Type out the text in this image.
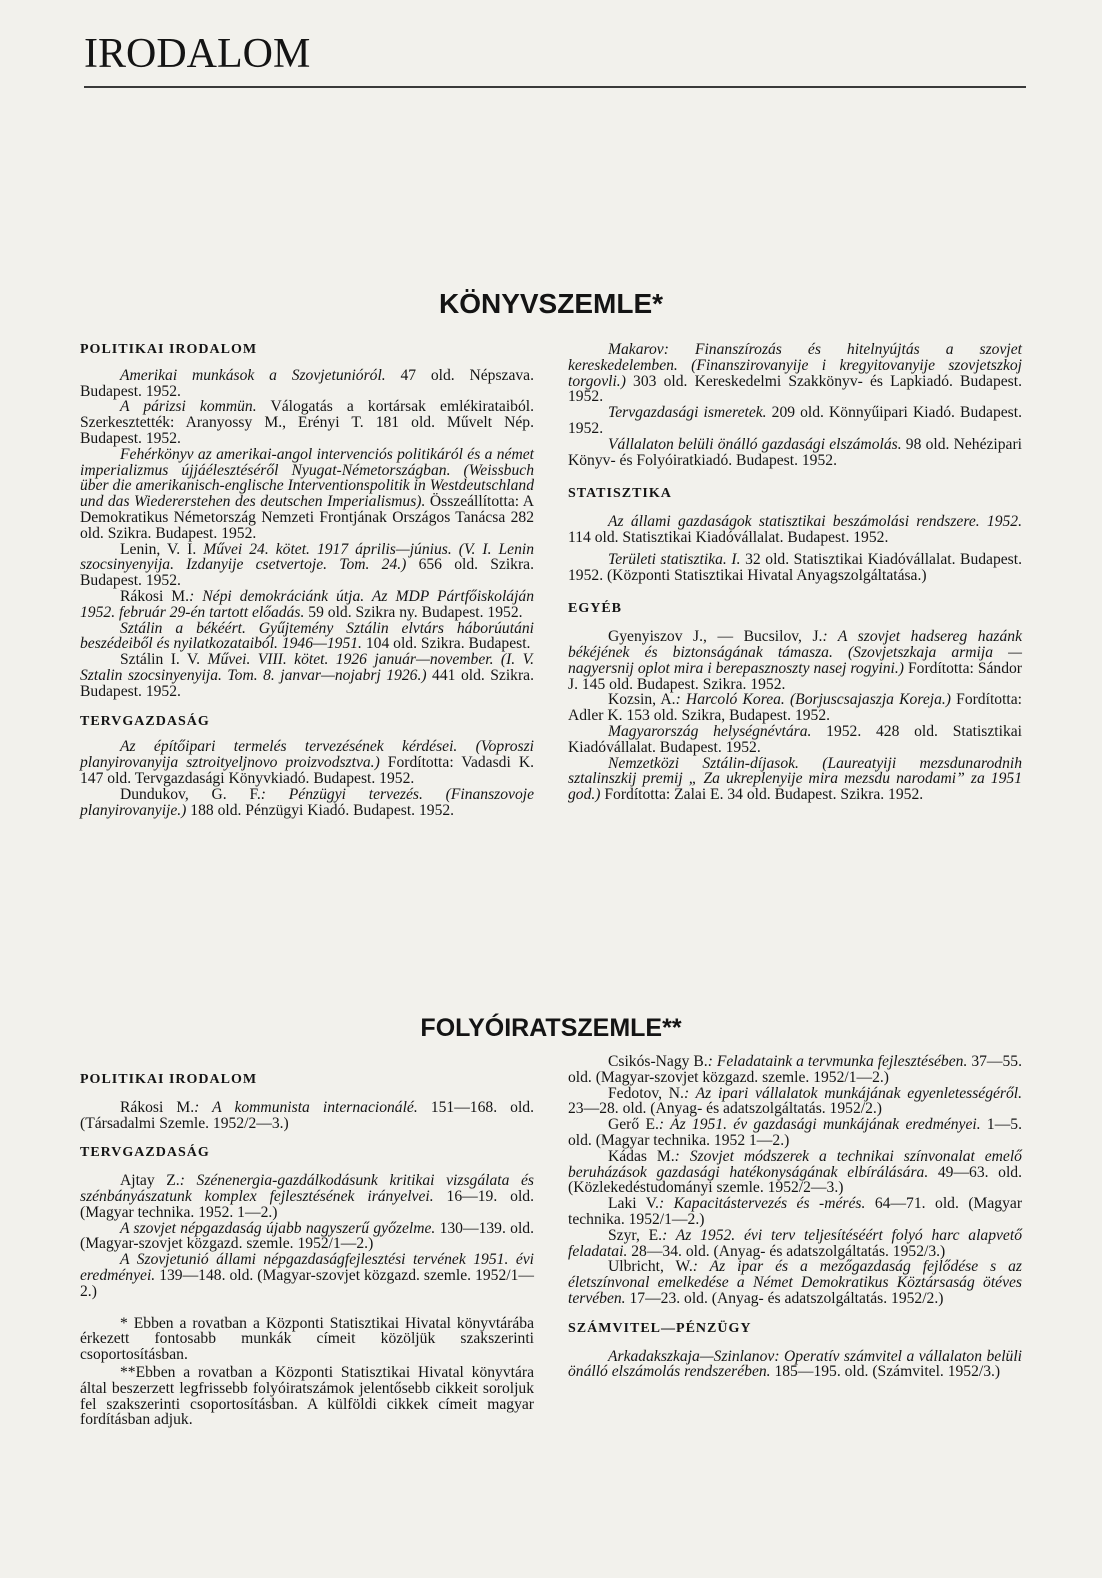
IRODALOM
KÖNYVSZEMLE*

POLITIKAI IRODALOM

Amerikai munkások a Szovjetunióról. 47 old. Népszava. Budapest. 1952.

A párizsi kommün. Válogatás a kortársak emlékirataiból. Szerkesztették: Aranyossy M., Erényi T. 181 old. Művelt Nép. Budapest. 1952.

Fehérkönyv az amerikai-angol intervenciós politikáról és a német imperializmus újjáélesztéséről Nyugat-Németországban. (Weissbuch über die amerikanisch-englische Interventionspolitik in Westdeutschland und das Wiedererstehen des deutschen Imperialismus). Összeállította: A Demokratikus Németország Nemzeti Frontjának Országos Tanácsa 282 old. Szikra. Budapest. 1952.

Lenin, V. I. Művei 24. kötet. 1917 április—június. (V. I. Lenin szocsinyenyija. Izdanyije csetvertoje. Tom. 24.) 656 old. Szikra. Budapest. 1952.

Rákosi M.: Népi demokráciánk útja. Az MDP Pártfőiskoláján 1952. február 29-én tartott előadás. 59 old. Szikra ny. Budapest. 1952.

Sztálin a békéért. Gyűjtemény Sztálin elvtárs háborúutáni beszédeiből és nyilatkozataiból. 1946—1951. 104 old. Szikra. Budapest.

Sztálin I. V. Művei. VIII. kötet. 1926 január—november. (I. V. Sztalin szocsinyenyija. Tom. 8. janvar—nojabrj 1926.) 441 old. Szikra. Budapest. 1952.

TERVGAZDASÁG

Az építőipari termelés tervezésének kérdései. (Voproszi planyirovanyija sztroityeljnovo proizvodsztva.) Fordította: Vadasdi K. 147 old. Tervgazdasági Könyvkiadó. Budapest. 1952.

Dundukov, G. F.: Pénzügyi tervezés. (Finanszovoje planyirovanyije.) 188 old. Pénzügyi Kiadó. Budapest. 1952.

Makarov: Finanszírozás és hitelnyújtás a szovjet kereskedelemben. (Finanszirovanyije i kregyitovanyije szovjetszkoj torgovli.) 303 old. Kereskedelmi Szakkönyv- és Lapkiadó. Budapest. 1952.

Tervgazdasági ismeretek. 209 old. Könnyűipari Kiadó. Budapest. 1952.

Vállalaton belüli önálló gazdasági elszámolás. 98 old. Nehézipari Könyv- és Folyóiratkiadó. Budapest. 1952.

STATISZTIKA

Az állami gazdaságok statisztikai beszámolási rendszere. 1952. 114 old. Statisztikai Kiadóvállalat. Budapest. 1952.

Területi statisztika. I. 32 old. Statisztikai Kiadóvállalat. Budapest. 1952. (Központi Statisztikai Hivatal Anyagszolgáltatása.)

EGYÉB

Gyenyiszov J., — Bucsilov, J.: A szovjet hadsereg hazánk békéjének és biztonságának támasza. (Szovjetszkaja armija — nagyersnij oplot mira i berepasznoszty nasej rogyini.) Fordította: Sándor J. 145 old. Budapest. Szikra. 1952.

Kozsin, A.: Harcoló Korea. (Borjuscsajaszja Koreja.) Fordította: Adler K. 153 old. Szikra, Budapest. 1952.

Magyarország helységnévtára. 1952. 428 old. Statisztikai Kiadóvállalat. Budapest. 1952.

Nemzetközi Sztálin-díjasok. (Laureatyiji mezsdunarodnih sztalinszkij premij „ Za ukreplenyije mira mezsdu narodami” za 1951 god.) Fordította: Zalai E. 34 old. Budapest. Szikra. 1952.

FOLYÓIRATSZEMLE**

POLITIKAI IRODALOM

Rákosi M.: A kommunista internacionálé. 151—168. old. (Társadalmi Szemle. 1952/2—3.)

TERVGAZDASÁG

Ajtay Z.: Szénenergia-gazdálkodásunk kritikai vizsgálata és szénbányászatunk komplex fejlesztésének irányelvei. 16—19. old. (Magyar technika. 1952. 1—2.)

A szovjet népgazdaság újabb nagyszerű győzelme. 130—139. old. (Magyar-szovjet közgazd. szemle. 1952/1—2.)

A Szovjetunió állami népgazdaságfejlesztési tervének 1951. évi eredményei. 139—148. old. (Magyar-szovjet közgazd. szemle. 1952/1—2.)

* Ebben a rovatban a Központi Statisztikai Hivatal könyvtárába érkezett fontosabb munkák címeit közöljük szakszerinti csoportosításban.

**Ebben a rovatban a Központi Statisztikai Hivatal könyvtára által beszerzett legfrissebb folyóiratszámok jelentősebb cikkeit soroljuk fel szakszerinti csoportosításban. A külföldi cikkek címeit magyar fordításban adjuk.

Csikós-Nagy B.: Feladataink a tervmunka fejlesztésében. 37—55. old. (Magyar-szovjet közgazd. szemle. 1952/1—2.)

Fedotov, N.: Az ipari vállalatok munkájának egyenletességéről. 23—28. old. (Anyag- és adatszolgáltatás. 1952/2.)

Gerő E.: Az 1951. év gazdasági munkájának eredményei. 1—5. old. (Magyar technika. 1952 1—2.)

Kádas M.: Szovjet módszerek a technikai színvonalat emelő beruházások gazdasági hatékonyságának elbírálására. 49—63. old. (Közlekedéstudományi szemle. 1952/2—3.)

Laki V.: Kapacitástervezés és -mérés. 64—71. old. (Magyar technika. 1952/1—2.)

Szyr, E.: Az 1952. évi terv teljesítéséért folyó harc alapvető feladatai. 28—34. old. (Anyag- és adatszolgáltatás. 1952/3.)

Ulbricht, W.: Az ipar és a mezőgazdaság fejlődése s az életszínvonal emelkedése a Német Demokratikus Köztársaság ötéves tervében. 17—23. old. (Anyag- és adatszolgáltatás. 1952/2.)

SZÁMVITEL—PÉNZÜGY

Arkadakszkaja—Szinlanov: Operatív számvitel a vállalaton belüli önálló elszámolás rendszerében. 185—195. old. (Számvitel. 1952/3.)
